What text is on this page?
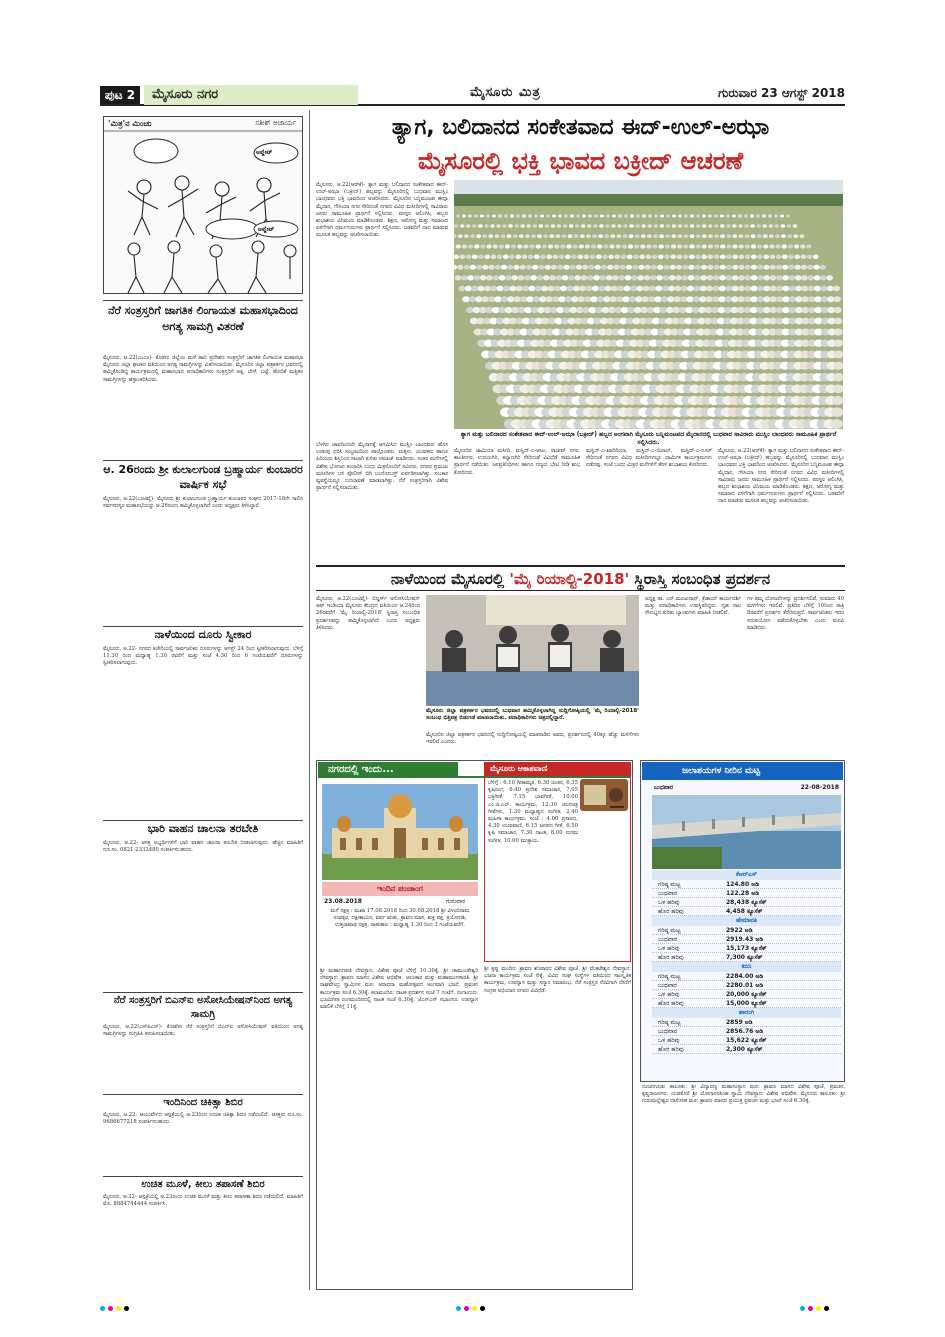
ಪುಟ 2	ಮೈಸೂರು ನಗರ	ಮೈಸೂರು ಮಿತ್ರ	ಗುರುವಾರ 23 ಆಗಸ್ಟ್ 2018
'ಮಿತ್ರ'ನ ಮಿಂಚು	ಸತೀಶ್ ಆಚಾರ್ಯ
ಅಪ್ಡೇಟ್
ಅಪ್ಡೇಟ್
ನೆರೆ ಸಂತ್ರಸ್ತರಿಗೆ ಜಾಗತಿಕ ಲಿಂಗಾಯತ ಮಹಾಸಭಾದಿಂದ ಅಗತ್ಯ ಸಾಮಗ್ರಿ ವಿತರಣೆ
ಮೈಸೂರು, ಆ.22(ಎಂಎಂ)- ಕೊಡಗು ಜಿಲ್ಲೆಯ ಮಳೆ ಹಾನಿ ಪ್ರದೇಶದ ಸಂತ್ರಸ್ತರಿಗೆ ಜಾಗತಿಕ ಲಿಂಗಾಯತ ಮಹಾಸಭಾ ಮೈಸೂರು ಜಿಲ್ಲಾ ಘಟಕದ ವತಿಯಿಂದ ಅಗತ್ಯ ಸಾಮಗ್ರಿಗಳನ್ನು ವಿತರಿಸಲಾಯಿತು. ಮೈಸೂರಿನ ಜಿಲ್ಲಾ ಪತ್ರಕರ್ತರ ಭವನದಲ್ಲಿ ಹಮ್ಮಿಕೊಂಡಿದ್ದ ಕಾರ್ಯಕ್ರಮದಲ್ಲಿ ಮಹಾಸಭಾದ ಪದಾಧಿಕಾರಿಗಳು ಸಂತ್ರಸ್ತರಿಗೆ ಅಕ್ಕಿ, ಬೇಳೆ, ಬಟ್ಟೆ, ಹೊದಿಕೆ ಮತ್ತಿತರ ಸಾಮಗ್ರಿಗಳನ್ನು ಹಸ್ತಾಂತರಿಸಿದರು.
ಆ. 26ರಂದು ಶ್ರೀ ಕುಲಾಲಗುಂಡ ಬ್ರಹ್ಮಾರ್ಯ ಕುಂಬಾರರ ವಾರ್ಷಿಕ ಸಭೆ
ಮೈಸೂರು, ಆ.22(ಎಂಟಿವೈ)- ಮೈಸೂರು ಶ್ರೀ ಕುಲಾಲಗುಂಡ ಬ್ರಹ್ಮಾರ್ಯ ಕುಂಬಾರರ ಸಂಘದ 2017-18ನೇ ಸಾಲಿನ ಸರ್ವಸದಸ್ಯರ ಮಹಾಸಭೆಯನ್ನು ಆ.26ರಂದು ಹಮ್ಮಿಕೊಳ್ಳಲಾಗಿದೆ ಎಂದು ಅಧ್ಯಕ್ಷರು ತಿಳಿಸಿದ್ದಾರೆ.
ನಾಳೆಯಿಂದ ದೂರು ಸ್ವೀಕಾರ
ಮೈಸೂರು, ಆ.22- ನಗರದ ಕಚೇರಿಯಲ್ಲಿ ಸಾರ್ವಜನಿಕರ ದೂರುಗಳನ್ನು ಆಗಸ್ಟ್ 24 ರಿಂದ ಸ್ವೀಕರಿಸಲಾಗುವುದು. ಬೆಳಿಗ್ಗೆ 11.30 ರಿಂದ ಮಧ್ಯಾಹ್ನ 1.30 ರವರೆಗೆ ಮತ್ತು ಸಂಜೆ 4.30 ರಿಂದ 6 ಗಂಟೆಯವರೆಗೆ ದೂರುಗಳನ್ನು ಸ್ವೀಕರಿಸಲಾಗುವುದು.
ಭಾರಿ ವಾಹನ ಚಾಲನಾ ತರಬೇತಿ
ಮೈಸೂರು, ಆ.22- ಆಸಕ್ತ ಅಭ್ಯರ್ಥಿಗಳಿಗೆ ಭಾರಿ ವಾಹನ ಚಾಲನಾ ತರಬೇತಿ ನೀಡಲಾಗುವುದು. ಹೆಚ್ಚಿನ ಮಾಹಿತಿಗೆ ದೂ.ಸಂ. 0821-2332480 ಸಂಪರ್ಕಿಸಬಹುದು.
ನೆರೆ ಸಂತ್ರಸ್ತರಿಗೆ ಬಿಎನ್‌ಐ ಅಸೋಸಿಯೇಷನ್‌ನಿಂದ ಅಗತ್ಯ ಸಾಮಗ್ರಿ
ಮೈಸೂರು, ಆ.22(ಎಸ್‌ಪಿಎನ್)- ಕೊಡಗಿನ ನೆರೆ ಸಂತ್ರಸ್ತರಿಗೆ ಬಿಎನ್‌ಐ ಅಸೋಸಿಯೇಷನ್ ವತಿಯಿಂದ ಅಗತ್ಯ ಸಾಮಗ್ರಿಗಳನ್ನು ಸಂಗ್ರಹಿಸಿ ಕಳುಹಿಸಲಾಯಿತು.
ಇಂದಿನಿಂದ ಚಿಕಿತ್ಸಾ ಶಿಬಿರ
ಮೈಸೂರು, ಆ.22- ಆಯುರ್ವೇದ ಆಸ್ಪತ್ರೆಯಲ್ಲಿ ಆ.23ರಿಂದ ಉಚಿತ ಚಿಕಿತ್ಸಾ ಶಿಬಿರ ನಡೆಯಲಿದೆ. ಆಸಕ್ತರು ದೂ.ಸಂ. 9686677218 ಸಂಪರ್ಕಿಸಬಹುದು.
ಉಚಿತ ಮೂಳೆ, ಕೀಲು ತಪಾಸಣೆ ಶಿಬಿರ
ಮೈಸೂರು, ಆ.22- ಆಸ್ಪತ್ರೆಯಲ್ಲಿ ಆ.23ರಂದು ಉಚಿತ ಮೂಳೆ ಮತ್ತು ಕೀಲು ತಪಾಸಣಾ ಶಿಬಿರ ನಡೆಯಲಿದೆ. ಮಾಹಿತಿಗೆ ಮೊ. 8884744444 ಸಂಪರ್ಕಿಸಿ.
ತ್ಯಾಗ, ಬಲಿದಾನದ ಸಂಕೇತವಾದ ಈದ್-ಉಲ್-ಅಝಾ
ಮೈಸೂರಲ್ಲಿ ಭಕ್ತಿ ಭಾವದ ಬಕ್ರೀದ್ ಆಚರಣೆ
ಮೈಸೂರು, ಆ.22(ಆರ್‌ಕೆ)- ತ್ಯಾಗ ಮತ್ತು ಬಲಿದಾನದ ಸಂಕೇತವಾದ ಈದ್-ಉಲ್-ಅಝಾ (ಬಕ್ರೀದ್) ಹಬ್ಬವನ್ನು ಮೈಸೂರಿನಲ್ಲಿ ಬುಧವಾರ ಮುಸ್ಲಿಂ ಬಾಂಧವರು ಭಕ್ತಿ ಭಾವದಿಂದ ಆಚರಿಸಿದರು. ಮೈಸೂರಿನ ಬನ್ನಿಮಂಟಪ ಈದ್ಗಾ ಮೈದಾನ, ಗೌಸಿಯಾ ನಗರ ಸೇರಿದಂತೆ ನಗರದ ವಿವಿಧ ಮಸೀದಿಗಳಲ್ಲಿ ಸಾವಿರಾರು ಜನರು ಸಾಮೂಹಿಕ ಪ್ರಾರ್ಥನೆ ಸಲ್ಲಿಸಿದರು. ಪರಸ್ಪರ ಆಲಿಂಗಿಸಿ, ಹಬ್ಬದ ಶುಭಾಶಯ ವಿನಿಮಯ ಮಾಡಿಕೊಂಡರು. ಶಿಕ್ಷಣ, ಆರೋಗ್ಯ ಮತ್ತು ಸಮಾಜದ ಏಳಿಗೆಗಾಗಿ ಧರ್ಮಗುರುಗಳು ಪ್ರಾರ್ಥನೆ ಸಲ್ಲಿಸಿದರು. ಬಡವರಿಗೆ ದಾನ ಮಾಡುವ ಮೂಲಕ ಹಬ್ಬವನ್ನು ಆಚರಿಸಲಾಯಿತು.
ಬೆಳಗಿನ ಜಾವದಿಂದಲೇ ಮೈದಾನಕ್ಕೆ ಆಗಮಿಸಿದ ಮುಸ್ಲಿಂ ಬಾಂಧವರು ಹೊಸ ಉಡುಪು ಧರಿಸಿ ಸಂಭ್ರಮದಿಂದ ಪಾಲ್ಗೊಂಡರು. ಮಕ್ಕಳು, ಯುವಕರು ಹಾಗೂ ಹಿರಿಯರು ಶಿಸ್ತಿನಿಂದ ಸಾಲಾಗಿ ಕುಳಿತು ನಮಾಜ್ ಮಾಡಿದರು. ನಂತರ ಮನೆಗಳಲ್ಲಿ ವಿಶೇಷ ಭೋಜನ ತಯಾರಿಸಿ ಬಂಧು ಮಿತ್ರರೊಂದಿಗೆ ಸವಿದರು. ನಗರದ ಪ್ರಮುಖ ಮಸೀದಿಗಳ ಬಳಿ ಪೊಲೀಸ್ ಬಿಗಿ ಬಂದೋಬಸ್ತ್ ಏರ್ಪಡಿಸಲಾಗಿತ್ತು. ಸಂಚಾರ ವ್ಯವಸ್ಥೆಯಲ್ಲೂ ಬದಲಾವಣೆ ಮಾಡಲಾಗಿತ್ತು. ನೆರೆ ಸಂತ್ರಸ್ತರಿಗಾಗಿ ವಿಶೇಷ ಪ್ರಾರ್ಥನೆ ಸಲ್ಲಿಸಲಾಯಿತು.
ಮೈಸೂರಿನ ಜಾಮಿಯಾ ಮಸೀದಿ, ಮಸ್ಜಿದ್-ಎ-ಆಜಂ, ರಾಜೀವ್ ನಗರ, ಶಾಂತಿನಗರ, ಉದಯಗಿರಿ, ಕಲ್ಯಾಣಗಿರಿ ಸೇರಿದಂತೆ ವಿವಿಧೆಡೆ ಸಾಮೂಹಿಕ ಪ್ರಾರ್ಥನೆ ನಡೆಯಿತು. ಜನಪ್ರತಿನಿಧಿಗಳು ಹಾಗೂ ಗಣ್ಯರು ಭೇಟಿ ನೀಡಿ ಶುಭ ಕೋರಿದರು.
ಮಸ್ಜಿದ್-ಎ-ಖಾದಿರಿಯಾ, ಮಸ್ಜಿದ್-ಎ-ಬಿಲಾಲ್, ಮಸ್ಜಿದ್-ಎ-ನೂರ್ ಸೇರಿದಂತೆ ನಗರದ ವಿವಿಧ ಮಸೀದಿಗಳಲ್ಲೂ ಧಾರ್ಮಿಕ ಕಾರ್ಯಕ್ರಮಗಳು ನಡೆದವು. ಸಂಜೆ ಬಂಧು ಮಿತ್ರರ ಮನೆಗಳಿಗೆ ತೆರಳಿ ಶುಭಾಶಯ ಕೋರಿದರು.
ಮೈಸೂರು, ಆ.22(ಆರ್‌ಕೆ)- ತ್ಯಾಗ ಮತ್ತು ಬಲಿದಾನದ ಸಂಕೇತವಾದ ಈದ್-ಉಲ್-ಅಝಾ (ಬಕ್ರೀದ್) ಹಬ್ಬವನ್ನು ಮೈಸೂರಿನಲ್ಲಿ ಬುಧವಾರ ಮುಸ್ಲಿಂ ಬಾಂಧವರು ಭಕ್ತಿ ಭಾವದಿಂದ ಆಚರಿಸಿದರು. ಮೈಸೂರಿನ ಬನ್ನಿಮಂಟಪ ಈದ್ಗಾ ಮೈದಾನ, ಗೌಸಿಯಾ ನಗರ ಸೇರಿದಂತೆ ನಗರದ ವಿವಿಧ ಮಸೀದಿಗಳಲ್ಲಿ ಸಾವಿರಾರು ಜನರು ಸಾಮೂಹಿಕ ಪ್ರಾರ್ಥನೆ ಸಲ್ಲಿಸಿದರು. ಪರಸ್ಪರ ಆಲಿಂಗಿಸಿ, ಹಬ್ಬದ ಶುಭಾಶಯ ವಿನಿಮಯ ಮಾಡಿಕೊಂಡರು. ಶಿಕ್ಷಣ, ಆರೋಗ್ಯ ಮತ್ತು ಸಮಾಜದ ಏಳಿಗೆಗಾಗಿ ಧರ್ಮಗುರುಗಳು ಪ್ರಾರ್ಥನೆ ಸಲ್ಲಿಸಿದರು. ಬಡವರಿಗೆ ದಾನ ಮಾಡುವ ಮೂಲಕ ಹಬ್ಬವನ್ನು ಆಚರಿಸಲಾಯಿತು.
ತ್ಯಾಗ ಮತ್ತು ಬಲಿದಾನದ ಸಂಕೇತವಾದ ಈದ್-ಉಲ್-ಅಝಾ (ಬಕ್ರೀದ್) ಹಬ್ಬದ ಅಂಗವಾಗಿ ಮೈಸೂರು ಬನ್ನಿಮಂಟಪದ ಮೈದಾನದಲ್ಲಿ ಬುಧವಾರ ಸಾವಿರಾರು ಮುಸ್ಲಿಂ ಬಾಂಧವರು ಸಾಮೂಹಿಕ ಪ್ರಾರ್ಥನೆ ಸಲ್ಲಿಸಿದರು.
ನಾಳೆಯಿಂದ ಮೈಸೂರಲ್ಲಿ 'ಮೈ ರಿಯಾಲ್ಟಿ-2018' ಸ್ಥಿರಾಸ್ತಿ ಸಂಬಂಧಿತ ಪ್ರದರ್ಶನ
ಮೈಸೂರು, ಆ.22(ಎಂಟಿವೈ)- ಬಿಲ್ಡರ್ಸ್ ಅಸೋಸಿಯೇಷನ್ ಆಫ್ ಇಂಡಿಯಾ ಮೈಸೂರು ಕೇಂದ್ರದ ವತಿಯಿಂದ ಆ.24ರಿಂದ 26ರವರೆಗೆ 'ಮೈ ರಿಯಾಲ್ಟಿ-2018' ಸ್ಥಿರಾಸ್ತಿ ಸಂಬಂಧಿತ ಪ್ರದರ್ಶನವನ್ನು ಹಮ್ಮಿಕೊಳ್ಳಲಾಗಿದೆ ಎಂದು ಅಧ್ಯಕ್ಷರು ತಿಳಿಸಿದರು.
ಮೈಸೂರು ಜಿಲ್ಲಾ ಪತ್ರಕರ್ತರ ಭವನದಲ್ಲಿ ಬುಧವಾರ ಹಮ್ಮಿಕೊಳ್ಳಲಾಗಿದ್ದ ಸುದ್ದಿಗೋಷ್ಠಿಯಲ್ಲಿ 'ಮೈ ರಿಯಾಲ್ಟಿ-2018' ಸಂಬಂಧ ಭಿತ್ತಿಪತ್ರ ಬಿಡುಗಡೆ ಮಾಡಲಾಯಿತು. ಪದಾಧಿಕಾರಿಗಳು ಚಿತ್ರದಲ್ಲಿದ್ದಾರೆ.
ಮೈಸೂರಿನ ಜಿಲ್ಲಾ ಪತ್ರಕರ್ತರ ಭವನದಲ್ಲಿ ಸುದ್ದಿಗೋಷ್ಠಿಯಲ್ಲಿ ಮಾತನಾಡಿದ ಅವರು, ಪ್ರದರ್ಶನದಲ್ಲಿ 40ಕ್ಕೂ ಹೆಚ್ಚು ಮಳಿಗೆಗಳು ಇರಲಿವೆ ಎಂದರು.
ಅಧ್ಯಕ್ಷ ಡಾ. ಎನ್.ಮಂಜುನಾಥ್, ಕ್ರೆಡಾಯ್ ಕಾರ್ಯದರ್ಶಿ ಮತ್ತು ಪದಾಧಿಕಾರಿಗಳು ಉಪಸ್ಥಿತರಿದ್ದರು. ಗೃಹ ಸಾಲ ಸೌಲಭ್ಯದ ಕುರಿತು ಬ್ಯಾಂಕುಗಳು ಮಾಹಿತಿ ನೀಡಲಿವೆ.
ಗಳ ತಮ್ಮ ಯೋಜನೆಗಳನ್ನು ಪ್ರದರ್ಶಿಸಲಿವೆ. ಸುಮಾರು 40 ಮಳಿಗೆಗಳು ಇರಲಿವೆ. ಪ್ರತಿದಿನ ಬೆಳಿಗ್ಗೆ 10ರಿಂದ ರಾತ್ರಿ 8ರವರೆಗೆ ಪ್ರದರ್ಶನ ತೆರೆದಿರುತ್ತದೆ. ಸಾರ್ವಜನಿಕರು ಇದರ ಸದುಪಯೋಗ ಪಡೆದುಕೊಳ್ಳಬೇಕು ಎಂದು ಮನವಿ ಮಾಡಿದರು.
ನಗರದಲ್ಲಿ ಇಂದು...
ಇಂದಿನ ಪಂಚಾಂಗ
23.08.2018	ಗುರುವಾರ
ಮಳೆ ನಕ್ಷತ್ರ : ಮಖಾ 17.08.2018 ರಿಂದ 30.08.2018 ಶ್ರೀ ವಿಳಂಬಿನಾಮ ಸಂವತ್ಸರ, ದಕ್ಷಿಣಾಯನ, ವರ್ಷ ಋತು, ಶ್ರಾವಣ ಮಾಸ, ಶುಕ್ಲ ಪಕ್ಷ, ತ್ರಯೋದಶಿ, ಉತ್ತರಾಷಾಢ ನಕ್ಷತ್ರ. ರಾಹುಕಾಲ : ಮಧ್ಯಾಹ್ನ 1.30 ರಿಂದ 3 ಗಂಟೆಯವರೆಗೆ.
ಶ್ರೀ ಮಹಾಗಣಪತಿ ದೇವಸ್ಥಾನ: ವಿಶೇಷ ಪೂಜೆ ಬೆಳಿಗ್ಗೆ 10.30ಕ್ಕೆ. ಶ್ರೀ ಚಾಮುಂಡೇಶ್ವರಿ ದೇವಸ್ಥಾನ: ಶ್ರಾವಣ ಮಾಸದ ವಿಶೇಷ ಅಭಿಷೇಕ, ಅಲಂಕಾರ ಮತ್ತು ಮಹಾಮಂಗಳಾರತಿ. ಶ್ರೀ ರಾಘವೇಂದ್ರ ಸ್ವಾಮಿಗಳ ಮಠ: ಆರಾಧನಾ ಮಹೋತ್ಸವದ ಅಂಗವಾಗಿ ಭಜನೆ, ಪ್ರವಚನ ಕಾರ್ಯಕ್ರಮ ಸಂಜೆ 6.30ಕ್ಕೆ. ಕಲಾಮಂದಿರ: ನಾಟಕ ಪ್ರದರ್ಶನ ಸಂಜೆ 7 ಗಂಟೆಗೆ. ರಂಗಾಯಣ: ಭೂಮಿಗೀತ ರಂಗಮಂದಿರದಲ್ಲಿ ನಾಟಕ ಸಂಜೆ 6.30ಕ್ಕೆ. ಜೆಎಸ್‌ಎಸ್ ಸಭಾಂಗಣ: ಉಪನ್ಯಾಸ ಮಾಲಿಕೆ ಬೆಳಿಗ್ಗೆ 11ಕ್ಕೆ.
ಮೈಸೂರು ಆಕಾಶವಾಣಿ
ಬೆಳಿಗ್ಗೆ : 6.10 ಗೀತಾಮೃತ, 6.30 ಚಿಂತನ, 6.35 ಕೃಷಿರಂಗ, 6.40 ಪ್ರದೇಶ ಸಮಾಚಾರ, 7.05 ಭಕ್ತಿಗೀತೆ, 7.15 ಭಾವಗೀತೆ, 10.00 ಎಂ.ಜಿ.ಎಲ್. ಕಾರ್ಯಕ್ರಮ, 12.30 ಚಲನಚಿತ್ರ ಗೀತೆಗಳು, 1.30 ಮಧ್ಯಾಹ್ನದ ಸಂಗೀತ, 2.40 ಮಹಿಳಾ ಕಾರ್ಯಕ್ರಮ. ಸಂಜೆ : 4.00 ಪ್ರಸಾರಣ, 4.30 ಯುವವಾಣಿ, 6.15 ಜನಪದ ಗೀತೆ, 6.50 ಕೃಷಿ ಸಮಾಚಾರ, 7.30 ನಾಟಕ, 8.00 ಸುಗಮ ಸಂಗೀತ, 10.00 ಮುಕ್ತಾಯ.
ಶ್ರೀ ಕೃಷ್ಣ ಮಂದಿರ: ಶ್ರಾವಣ ಶನಿವಾರದ ವಿಶೇಷ ಪೂಜೆ. ಶ್ರೀ ವೆಂಕಟೇಶ್ವರ ದೇವಸ್ಥಾನ: ಭಜನಾ ಕಾರ್ಯಕ್ರಮ ಸಂಜೆ 6ಕ್ಕೆ. ವಿವಿಧ ಸಂಘ ಸಂಸ್ಥೆಗಳ ವತಿಯಿಂದ ಸಾಂಸ್ಕೃತಿಕ ಕಾರ್ಯಕ್ರಮ, ಉಪನ್ಯಾಸ ಮತ್ತು ಸನ್ಮಾನ ಸಮಾರಂಭ. ನೆರೆ ಸಂತ್ರಸ್ತರ ನೆರವಿಗಾಗಿ ದೇಣಿಗೆ ಸಂಗ್ರಹ ಅಭಿಯಾನ ನಗರದ ವಿವಿಧೆಡೆ.
ಜಲಾಶಯಗಳ ನೀರಿನ ಮಟ್ಟ
ಬುಧವಾರ	22-08-2018
ಕೆಆರ್‌ಎಸ್
ಗರಿಷ್ಠ ಮಟ್ಟ	124.80 ಅಡಿ
ಬುಧವಾರ	122.28 ಅಡಿ
ಒಳ ಹರಿವು	28,438 ಕ್ಯೂಸೆಕ್
ಹೊರ ಹರಿವು	4,458 ಕ್ಯೂಸೆಕ್
ಹೇಮಾವತಿ
ಗರಿಷ್ಠ ಮಟ್ಟ	2922 ಅಡಿ
ಬುಧವಾರ	2919.43 ಅಡಿ
ಒಳ ಹರಿವು	15,173 ಕ್ಯೂಸೆಕ್
ಹೊರ ಹರಿವು	7,300 ಕ್ಯೂಸೆಕ್
ಕಬಿನಿ
ಗರಿಷ್ಠ ಮಟ್ಟ	2284.00 ಅಡಿ
ಬುಧವಾರ	2280.01 ಅಡಿ
ಒಳ ಹರಿವು	20,000 ಕ್ಯೂಸೆಕ್
ಹೊರ ಹರಿವು	15,000 ಕ್ಯೂಸೆಕ್
ಹಾರಂಗಿ
ಗರಿಷ್ಠ ಮಟ್ಟ	2859 ಅಡಿ
ಬುಧವಾರ	2856.76 ಅಡಿ
ಒಳ ಹರಿವು	15,622 ಕ್ಯೂಸೆಕ್
ಹೊರ ಹರಿವು	2,300 ಕ್ಯೂಸೆಕ್
ನಂಜನಗೂಡು ತಾಲೂಕು: ಶ್ರೀ ವಿದ್ಯಾರಣ್ಯ ಮಹಾಸಂಸ್ಥಾನ ಮಠ: ಶ್ರಾವಣ ಮಾಸದ ವಿಶೇಷ ಪೂಜೆ, ಪ್ರವಚನ. ಕೃಷ್ಣರಾಜನಗರ: ಯಡತೊರೆ ಶ್ರೀ ಯೋಗಾನರಸಿಂಹ ಸ್ವಾಮಿ ದೇವಸ್ಥಾನ: ವಿಶೇಷ ಅಭಿಷೇಕ. ಮೈಸೂರು ತಾಲೂಕು: ಶ್ರೀ ಗುರುಮಲ್ಲೇಶ್ವರ ದಾಸೋಹ ಮಠ: ಶ್ರಾವಣ ಮಾಸದ ಪ್ರಯುಕ್ತ ಪ್ರವಚನ ಮತ್ತು ಭಜನೆ ಸಂಜೆ 6.30ಕ್ಕೆ.
